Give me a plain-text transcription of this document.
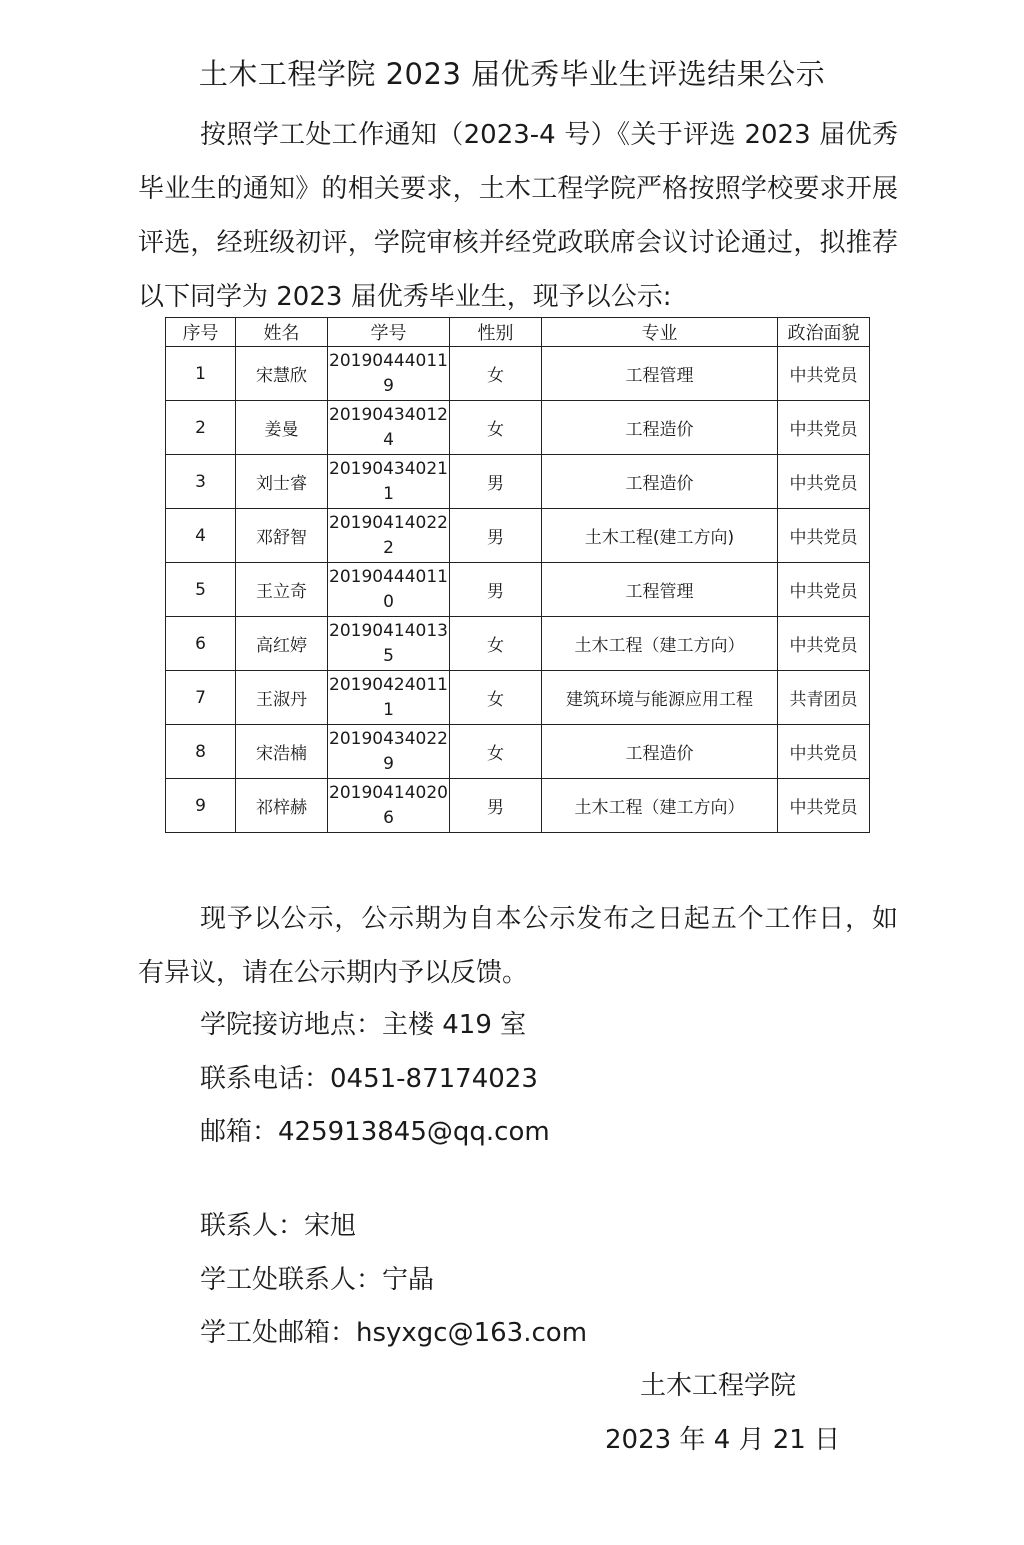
土木工程学院 2023 届优秀毕业生评选结果公示
按照学工处工作通知（2023-4 号）《关于评选 2023 届优秀毕业生的通知》的相关要求，土木工程学院严格按照学校要求开展评选，经班级初评，学院审核并经党政联席会议讨论通过，拟推荐以下同学为 2023 届优秀毕业生，现予以公示:
序号	姓名	学号	性别	专业	政治面貌
1	宋慧欣	201904440119	女	工程管理	中共党员
2	姜曼	201904340124	女	工程造价	中共党员
3	刘士睿	201904340211	男	工程造价	中共党员
4	邓舒智	201904140222	男	土木工程(建工方向)	中共党员
5	王立奇	201904440110	男	工程管理	中共党员
6	高红婷	201904140135	女	土木工程（建工方向）	中共党员
7	王淑丹	201904240111	女	建筑环境与能源应用工程	共青团员
8	宋浩楠	201904340229	女	工程造价	中共党员
9	祁梓赫	201904140206	男	土木工程（建工方向）	中共党员
现予以公示，公示期为自本公示发布之日起五个工作日，如有异议，请在公示期内予以反馈。
学院接访地点：主楼 419 室
联系电话：0451-87174023
邮箱：425913845@qq.com
联系人：宋旭
学工处联系人：宁晶
学工处邮箱：hsyxgc@163.com
土木工程学院
2023 年 4 月 21 日
